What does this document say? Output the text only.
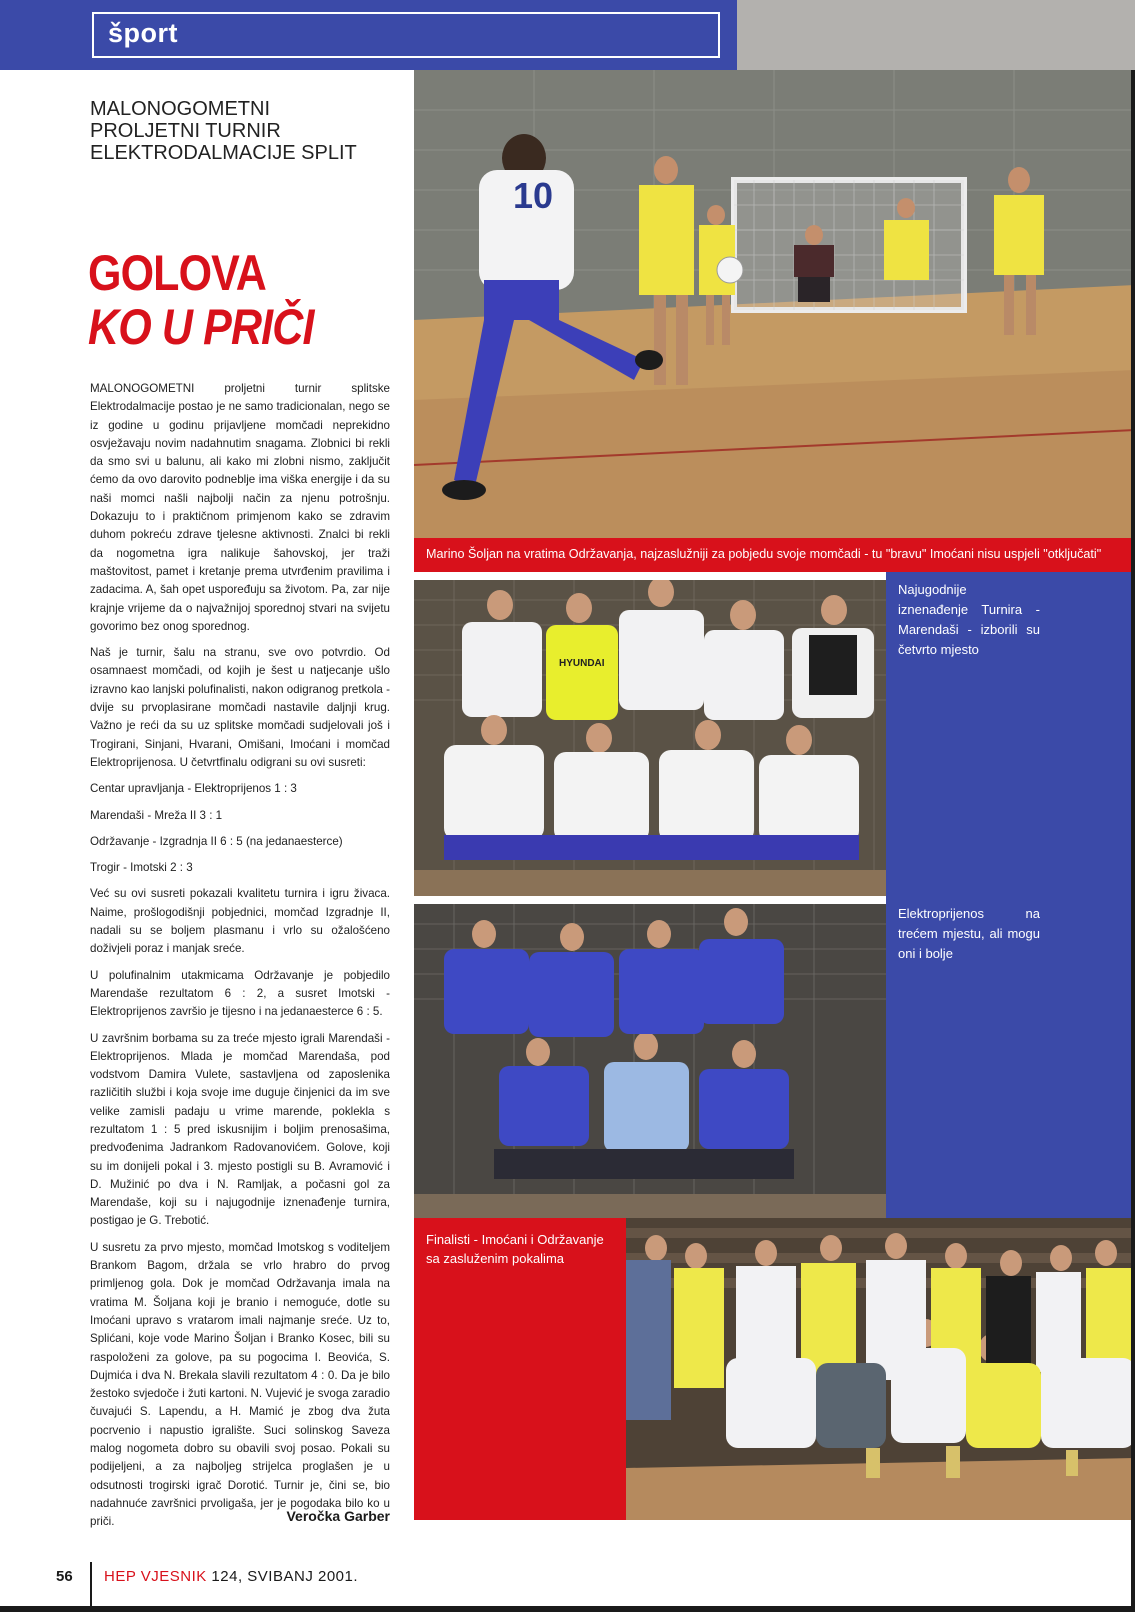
šport
MALONOGOMETNI
PROLJETNI TURNIR
ELEKTRODALMACIJE SPLIT
GOLOVA
KO U PRIČI

MALONOGOMETNI proljetni turnir splitske Elektrodalmacije postao je ne samo tradicionalan, nego se iz godine u godinu prijavljene momčadi neprekidno osvježavaju novim nadahnutim snagama. Zlobnici bi rekli da smo svi u balunu, ali kako mi zlobni nismo, zaključit ćemo da ovo darovito podneblje ima viška energije i da su naši momci našli najbolji način za njenu potrošnju. Dokazuju to i praktičnom primjenom kako se zdravim duhom pokreću zdrave tjelesne aktivnosti. Znalci bi rekli da nogometna igra nalikuje šahovskoj, jer traži maštovitost, pamet i kretanje prema utvrđenim pravilima i zadacima. A, šah opet uspoređuju sa životom. Pa, zar nije krajnje vrijeme da o najvažnijoj sporednoj stvari na svijetu govorimo bez onog sporednog.

Naš je turnir, šalu na stranu, sve ovo potvrdio. Od osamnaest momčadi, od kojih je šest u natjecanje ušlo izravno kao lanjski polufinalisti, nakon odigranog pretkola - dvije su prvoplasirane momčadi nastavile daljnji krug. Važno je reći da su uz splitske momčadi sudjelovali još i Trogirani, Sinjani, Hvarani, Omišani, Imoćani i momčad Elektroprijenosa. U četvrtfinalu odigrani su ovi susreti:

Centar upravljanja - Elektroprijenos 1 : 3
Marendaši - Mreža II 3 : 1
Održavanje - Izgradnja II 6 : 5 (na jedanaesterce)
Trogir - Imotski 2 : 3

Već su ovi susreti pokazali kvalitetu turnira i igru živaca. Naime, prošlogodišnji pobjednici, momčad Izgradnje II, nadali su se boljem plasmanu i vrlo su ožalošćeno doživjeli poraz i manjak sreće.

U polufinalnim utakmicama Održavanje je pobjedilo Marendaše rezultatom 6 : 2, a susret Imotski - Elektroprijenos završio je tijesno i na jedanaesterce 6 : 5.

U završnim borbama su za treće mjesto igrali Marendaši - Elektroprijenos. Mlada je momčad Marendaša, pod vodstvom Damira Vulete, sastavljena od zaposlenika različitih službi i koja svoje ime duguje činjenici da im sve velike zamisli padaju u vrime marende, poklekla s rezultatom 1 : 5 pred iskusnijim i boljim prenosašima, predvođenima Jadrankom Radovanovićem. Golove, koji su im donijeli pokal i 3. mjesto postigli su B. Avramović i D. Mužinić po dva i N. Ramljak, a počasni gol za Marendaše, koji su i najugodnije iznenađenje turnira, postigao je G. Trebotić.

U susretu za prvo mjesto, momčad Imotskog s voditeljem Brankom Bagom, držala se vrlo hrabro do prvog primljenog gola. Dok je momčad Održavanja imala na vratima M. Šoljana koji je branio i nemoguće, dotle su Imoćani upravo s vratarom imali najmanje sreće. Uz to, Splićani, koje vode Marino Šoljan i Branko Kosec, bili su raspoloženi za golove, pa su pogocima I. Beovića, S. Dujmića i dva N. Brekala slavili rezultatom 4 : 0. Da je bilo žestoko svjedoče i žuti kartoni. N. Vujević je svoga zaradio čuvajući S. Lapendu, a H. Mamić je zbog dva žuta pocrvenio i napustio igralište. Suci solinskog Saveza malog nogometa dobro su obavili svoj posao. Pokali su podijeljeni, a za najboljeg strijelca proglašen je u odsutnosti trogirski igrač Dorotić. Turnir je, čini se, bio nadahnuće završnici prvoligaša, jer je pogodaka bilo ko u priči.	Veročka Garber
10
Marino Šoljan na vratima Održavanja, najzaslužniji za pobjedu svoje momčadi - tu "bravu" Imoćani nisu uspjeli "otključati"
HYUNDAI
Najugodnije iznenađenje Turnira - Marendaši - izborili su četvrto mjesto
Elektroprijenos na trećem mjestu, ali mogu oni i bolje
Finalisti - Imoćani i Održavanje sa zasluženim pokalima
56 HEP VJESNIK 124, SVIBANJ 2001.
